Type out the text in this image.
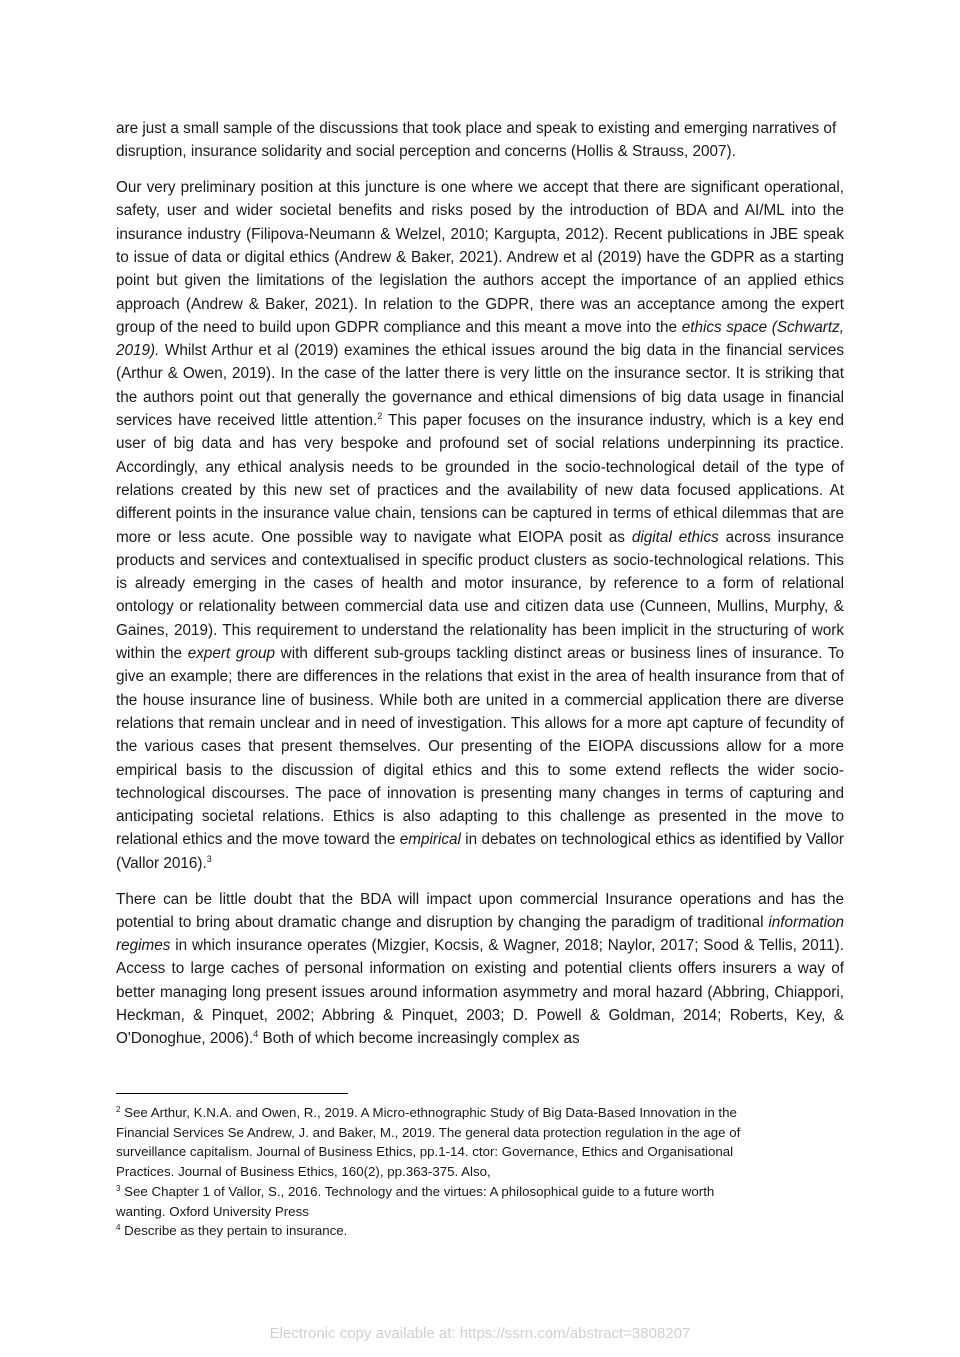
are just a small sample of the discussions that took place and speak to existing and emerging narratives of disruption, insurance solidarity and social perception and concerns (Hollis & Strauss, 2007).

Our very preliminary position at this juncture is one where we accept that there are significant operational, safety, user and wider societal benefits and risks posed by the introduction of BDA and AI/ML into the insurance industry (Filipova-Neumann & Welzel, 2010; Kargupta, 2012). Recent publications in JBE speak to issue of data or digital ethics (Andrew & Baker, 2021). Andrew et al (2019) have the GDPR as a starting point but given the limitations of the legislation the authors accept the importance of an applied ethics approach (Andrew & Baker, 2021). In relation to the GDPR, there was an acceptance among the expert group of the need to build upon GDPR compliance and this meant a move into the ethics space (Schwartz, 2019). Whilst Arthur et al (2019) examines the ethical issues around the big data in the financial services (Arthur & Owen, 2019). In the case of the latter there is very little on the insurance sector. It is striking that the authors point out that generally the governance and ethical dimensions of big data usage in financial services have received little attention.$^2$ This paper focuses on the insurance industry, which is a key end user of big data and has very bespoke and profound set of social relations underpinning its practice. Accordingly, any ethical analysis needs to be grounded in the socio-technological detail of the type of relations created by this new set of practices and the availability of new data focused applications. At different points in the insurance value chain, tensions can be captured in terms of ethical dilemmas that are more or less acute. One possible way to navigate what EIOPA posit as digital ethics across insurance products and services and contextualised in specific product clusters as socio-technological relations. This is already emerging in the cases of health and motor insurance, by reference to a form of relational ontology or relationality between commercial data use and citizen data use (Cunneen, Mullins, Murphy, & Gaines, 2019). This requirement to understand the relationality has been implicit in the structuring of work within the expert group with different sub-groups tackling distinct areas or business lines of insurance. To give an example; there are differences in the relations that exist in the area of health insurance from that of the house insurance line of business. While both are united in a commercial application there are diverse relations that remain unclear and in need of investigation. This allows for a more apt capture of fecundity of the various cases that present themselves. Our presenting of the EIOPA discussions allow for a more empirical basis to the discussion of digital ethics and this to some extend reflects the wider socio-technological discourses. The pace of innovation is presenting many changes in terms of capturing and anticipating societal relations. Ethics is also adapting to this challenge as presented in the move to relational ethics and the move toward the empirical in debates on technological ethics as identified by Vallor (Vallor 2016).$^3$

There can be little doubt that the BDA will impact upon commercial Insurance operations and has the potential to bring about dramatic change and disruption by changing the paradigm of traditional information regimes in which insurance operates (Mizgier, Kocsis, & Wagner, 2018; Naylor, 2017; Sood & Tellis, 2011). Access to large caches of personal information on existing and potential clients offers insurers a way of better managing long present issues around information asymmetry and moral hazard (Abbring, Chiappori, Heckman, & Pinquet, 2002; Abbring & Pinquet, 2003; D. Powell & Goldman, 2014; Roberts, Key, & O'Donoghue, 2006).$^4$ Both of which become increasingly complex as

$^2$ See Arthur, K.N.A. and Owen, R., 2019. A Micro-ethnographic Study of Big Data-Based Innovation in the
Financial Services Se Andrew, J. and Baker, M., 2019. The general data protection regulation in the age of
surveillance capitalism. Journal of Business Ethics, pp.1-14. ctor: Governance, Ethics and Organisational
Practices. Journal of Business Ethics, 160(2), pp.363-375. Also,
$^3$ See Chapter 1 of Vallor, S., 2016. Technology and the virtues: A philosophical guide to a future worth
wanting. Oxford University Press
$^4$ Describe as they pertain to insurance.
Electronic copy available at: https://ssrn.com/abstract=3808207
